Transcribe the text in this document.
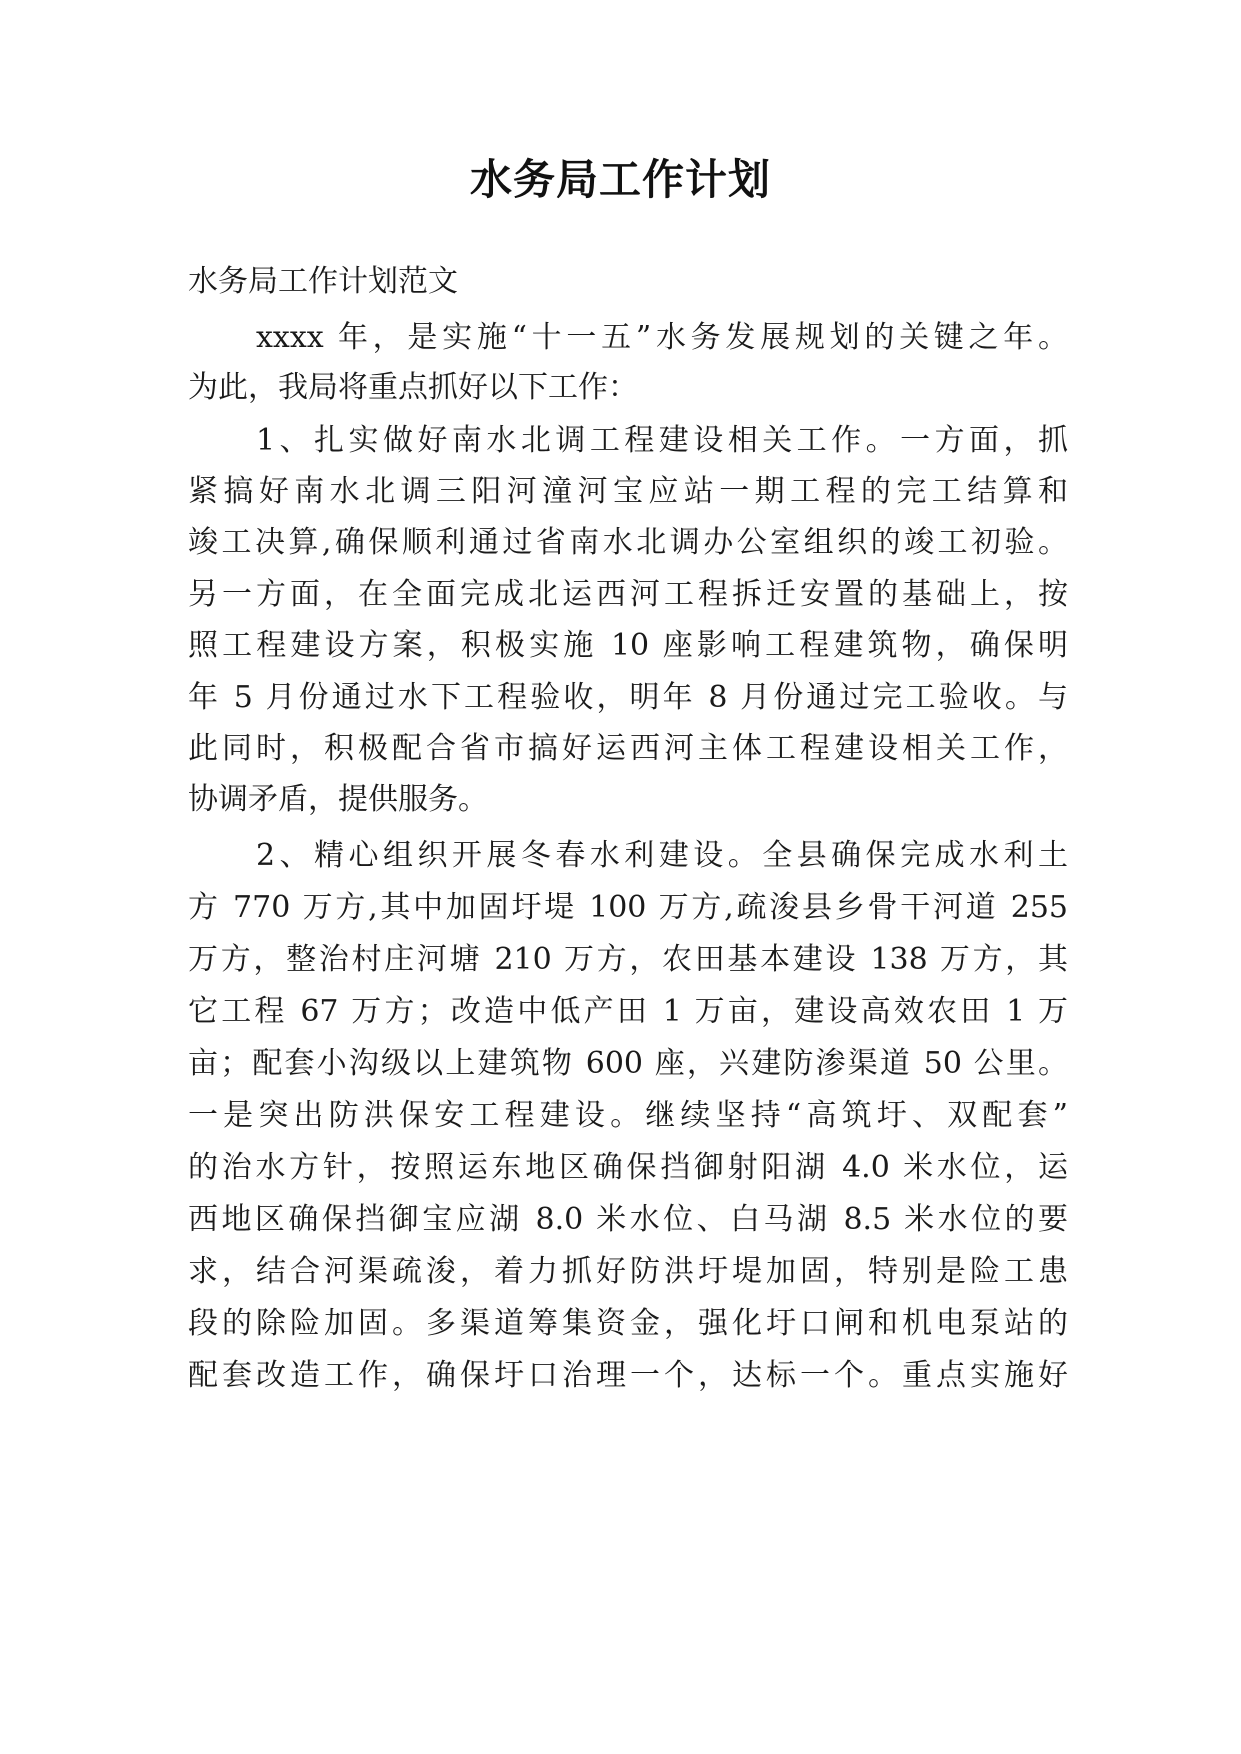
水务局工作计划
水务局工作计划范文
xxxx 年，是实施“十一五”水务发展规划的关键之年。
为此，我局将重点抓好以下工作：
1、扎实做好南水北调工程建设相关工作。一方面，抓
紧搞好南水北调三阳河潼河宝应站一期工程的完工结算和
竣工决算,确保顺利通过省南水北调办公室组织的竣工初验。
另一方面，在全面完成北运西河工程拆迁安置的基础上，按
照工程建设方案，积极实施 10 座影响工程建筑物，确保明
年 5 月份通过水下工程验收，明年 8 月份通过完工验收。与
此同时，积极配合省市搞好运西河主体工程建设相关工作，
协调矛盾，提供服务。
2、精心组织开展冬春水利建设。全县确保完成水利土
方 770 万方,其中加固圩堤 100 万方,疏浚县乡骨干河道 255
万方，整治村庄河塘 210 万方，农田基本建设 138 万方，其
它工程 67 万方；改造中低产田 1 万亩，建设高效农田 1 万
亩；配套小沟级以上建筑物 600 座，兴建防渗渠道 50 公里。
一是突出防洪保安工程建设。继续坚持“高筑圩、双配套”
的治水方针，按照运东地区确保挡御射阳湖 4.0 米水位，运
西地区确保挡御宝应湖 8.0 米水位、白马湖 8.5 米水位的要
求，结合河渠疏浚，着力抓好防洪圩堤加固，特别是险工患
段的除险加固。多渠道筹集资金，强化圩口闸和机电泵站的
配套改造工作，确保圩口治理一个，达标一个。重点实施好
